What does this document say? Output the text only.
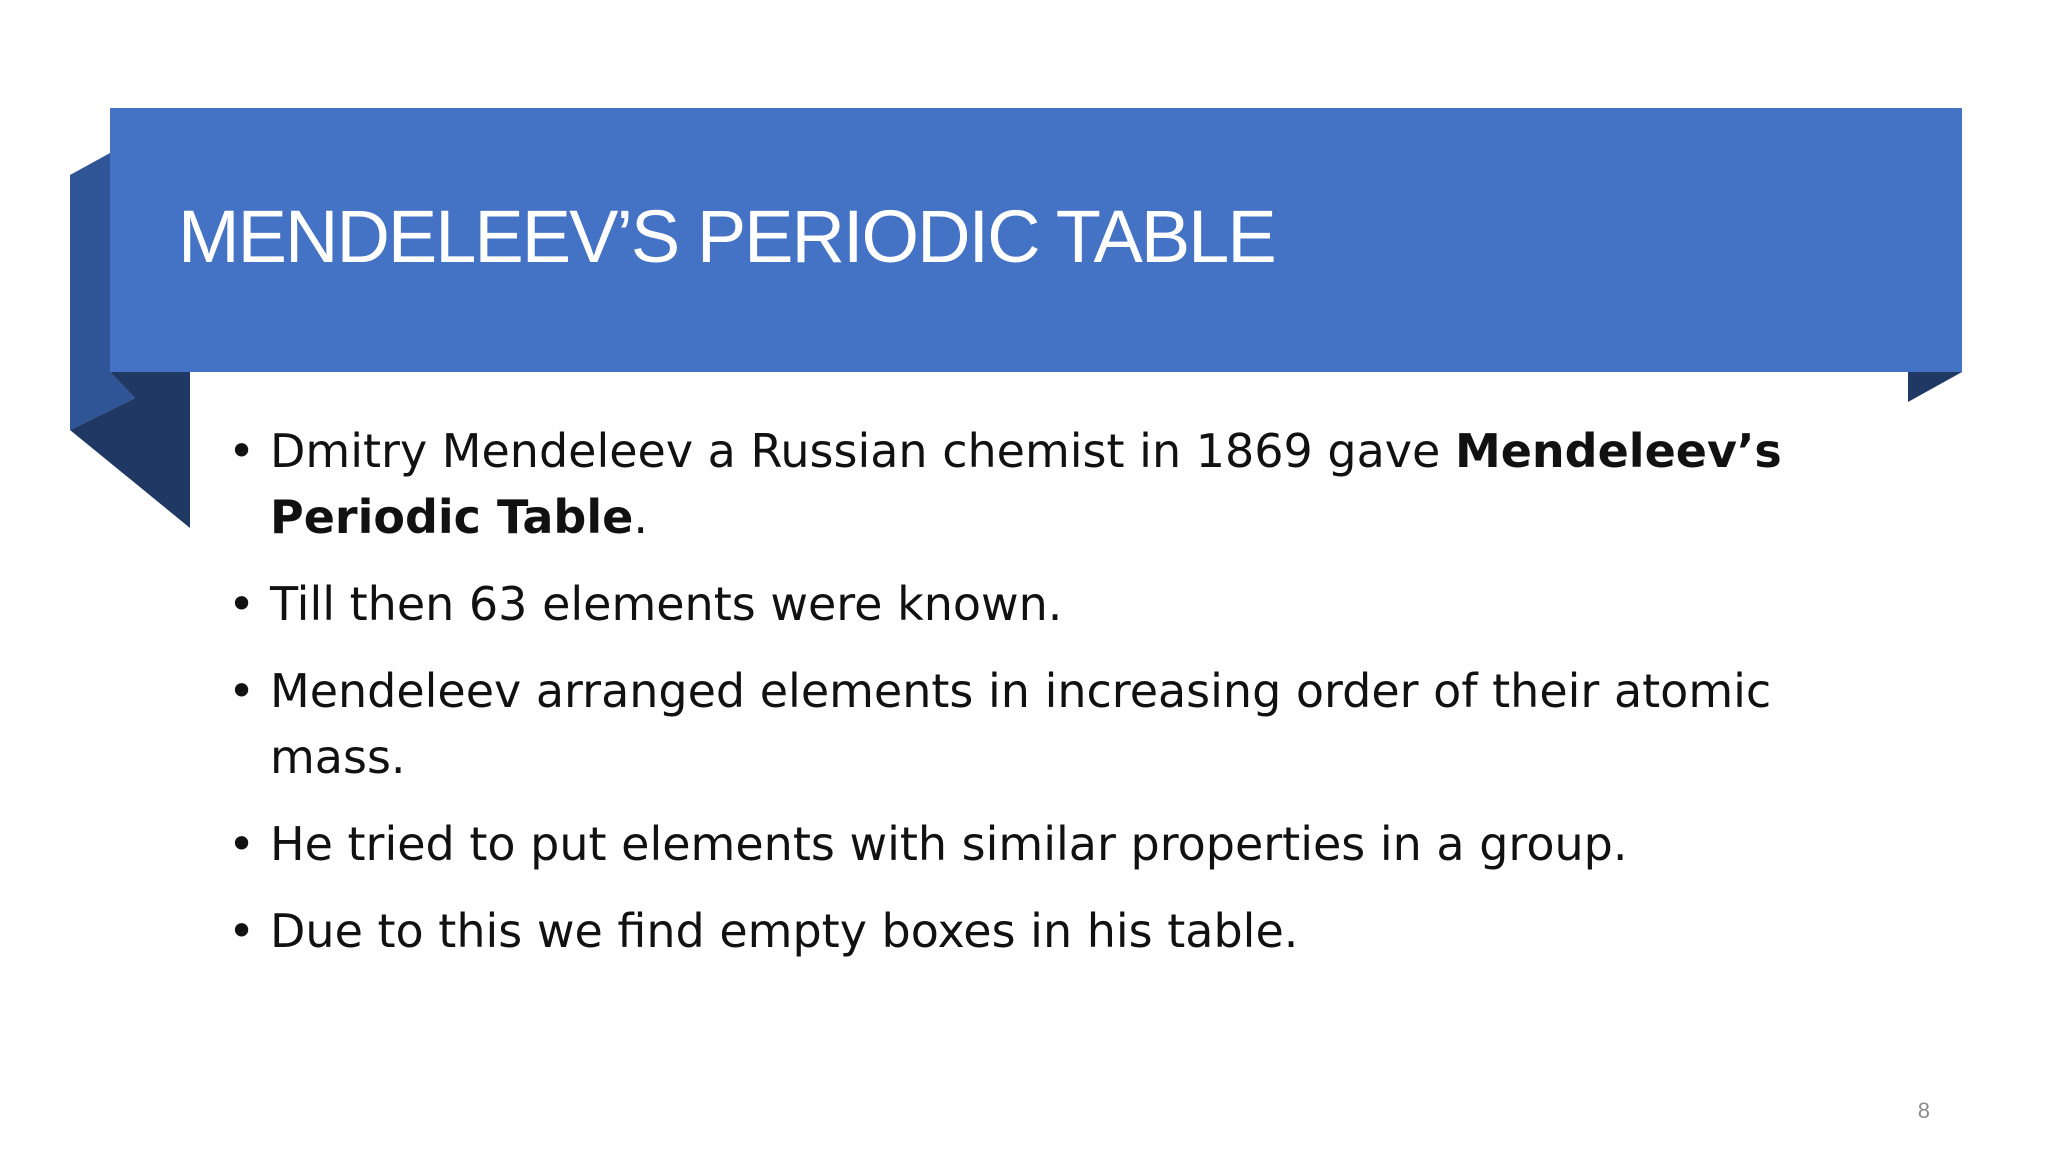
MENDELEEV’S PERIODIC TABLE
• Dmitry Mendeleev a Russian chemist in 1869 gave Mendeleev’s Periodic Table.
• Till then 63 elements were known.
• Mendeleev arranged elements in increasing order of their atomic mass.
• He tried to put elements with similar properties in a group.
• Due to this we find empty boxes in his table.
8
